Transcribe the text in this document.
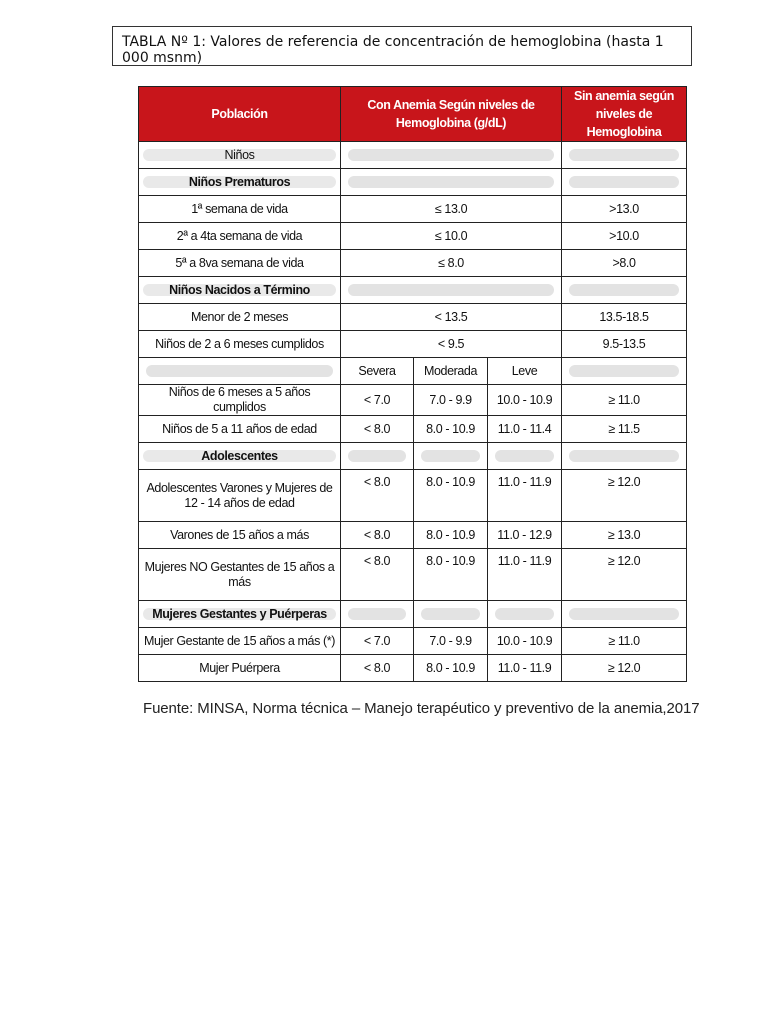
TABLA Nº 1: Valores de referencia de concentración de hemoglobina (hasta 1 000 msnm)
Población	Con Anemia Según niveles de Hemoglobina (g/dL)			Sin anemia según niveles de Hemoglobina

Niños			

Niños Prematuros			

1ª semana de vida	≤ 13.0			>13.0
2ª a 4ta semana de vida	≤ 10.0			>10.0
5ª a 8va semana de vida	≤ 8.0			>8.0

Niños Nacidos a Término			

Menor de 2 meses	< 13.5			13.5-18.5
Niños de 2 a 6 meses cumplidos	< 9.5			9.5-13.5

	Severa	Moderada	Leve	

Niños de 6 meses a 5 años cumplidos	< 7.0	7.0 - 9.9	10.0 - 10.9	≥ 11.0
Niños de 5 a 11 años de edad	< 8.0	8.0 - 10.9	11.0 - 11.4	≥ 11.5

Adolescentes	

Adolescentes Varones y Mujeres de 12 - 14 años de edad	< 8.0	8.0 - 10.9	11.0 - 11.9	≥ 12.0
Varones de 15 años a más	< 8.0	8.0 - 10.9	11.0 - 12.9	≥ 13.0
Mujeres NO Gestantes de 15 años a más	< 8.0	8.0 - 10.9	11.0 - 11.9	≥ 12.0

Mujeres Gestantes y Puérperas	

Mujer Gestante de 15 años a más (*)	< 7.0	7.0 - 9.9	10.0 - 10.9	≥ 11.0
Mujer Puérpera	< 8.0	8.0 - 10.9	11.0 - 11.9	≥ 12.0
Fuente: MINSA, Norma técnica – Manejo terapéutico y preventivo de la anemia,2017
